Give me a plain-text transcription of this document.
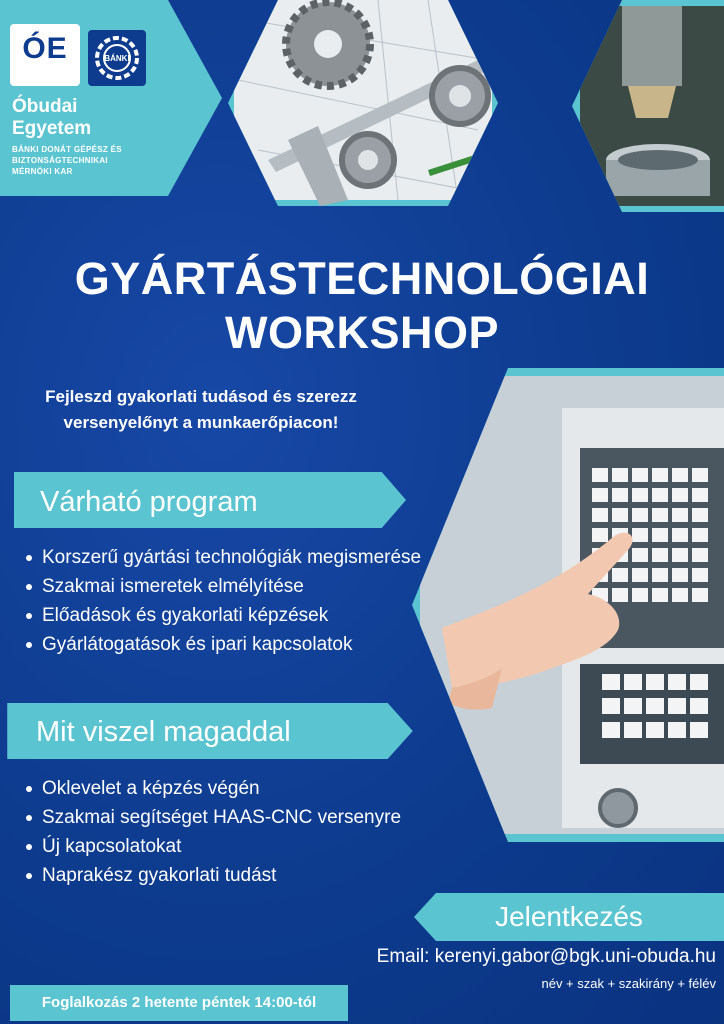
ÓE	BÁNKI
Óbudai
Egyetem
BÁNKI DONÁT GÉPÉSZ ÉS
BIZTONSÁGTECHNIKAI
MÉRNÖKI KAR
GYÁRTÁSTECHNOLÓGIAI
WORKSHOP
Fejleszd gyakorlati tudásod és szerezz
versenyelőnyt a munkaerőpiacon!
Várható program
Korszerű gyártási technológiák megismerése
Szakmai ismeretek elmélyítése
Előadások és gyakorlati képzések
Gyárlátogatások és ipari kapcsolatok
Mit viszel magaddal
Oklevelet a képzés végén
Szakmai segítséget HAAS-CNC versenyre
Új kapcsolatokat
Naprakész gyakorlati tudást
Jelentkezés
Email: kerenyi.gabor@bgk.uni-obuda.hu
név + szak + szakirány + félév
Foglalkozás 2 hetente péntek 14:00-tól
